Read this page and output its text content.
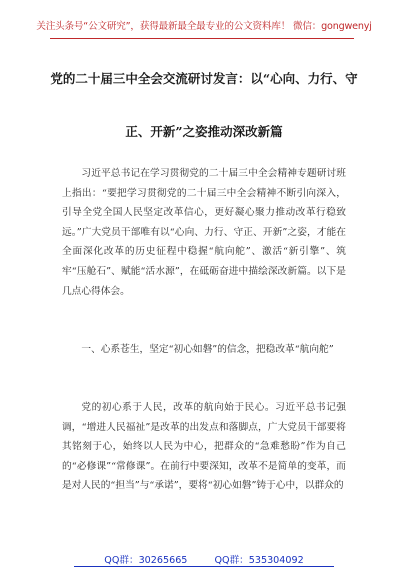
关注头条号“公文研究”，获得最新最全最专业的公文资料库！ 微信：gongwenyj
党的二十届三中全会交流研讨发言：以“心向、力行、守
正、开新”之姿推动深改新篇

习近平总书记在学习贯彻党的二十届三中全会精神专题研讨班上指出：“要把学习贯彻党的二十届三中全会精神不断引向深入，引导全党全国人民坚定改革信心，更好凝心聚力推动改革行稳致远。”广大党员干部唯有以“心向、力行、守正、开新”之姿，才能在全面深化改革的历史征程中稳握“航向舵”、激活“新引擎”、筑牢“压舱石”、赋能“活水源”，在砥砺奋进中描绘深改新篇。以下是几点心得体会。

一、心系苍生，坚定“初心如磐”的信念，把稳改革“航向舵”

党的初心系于人民，改革的航向始于民心。习近平总书记强调，“增进人民福祉”是改革的出发点和落脚点，广大党员干部要将其铭刻于心，始终以人民为中心，把群众的“急难愁盼”作为自己的“必修课”“常修课”。在前行中要深知，改革不是简单的变革，而是对人民的“担当”与“承诺”，要将“初心如磐”铸于心中，以群众的

QQ群：30265665	QQ群：535304092
